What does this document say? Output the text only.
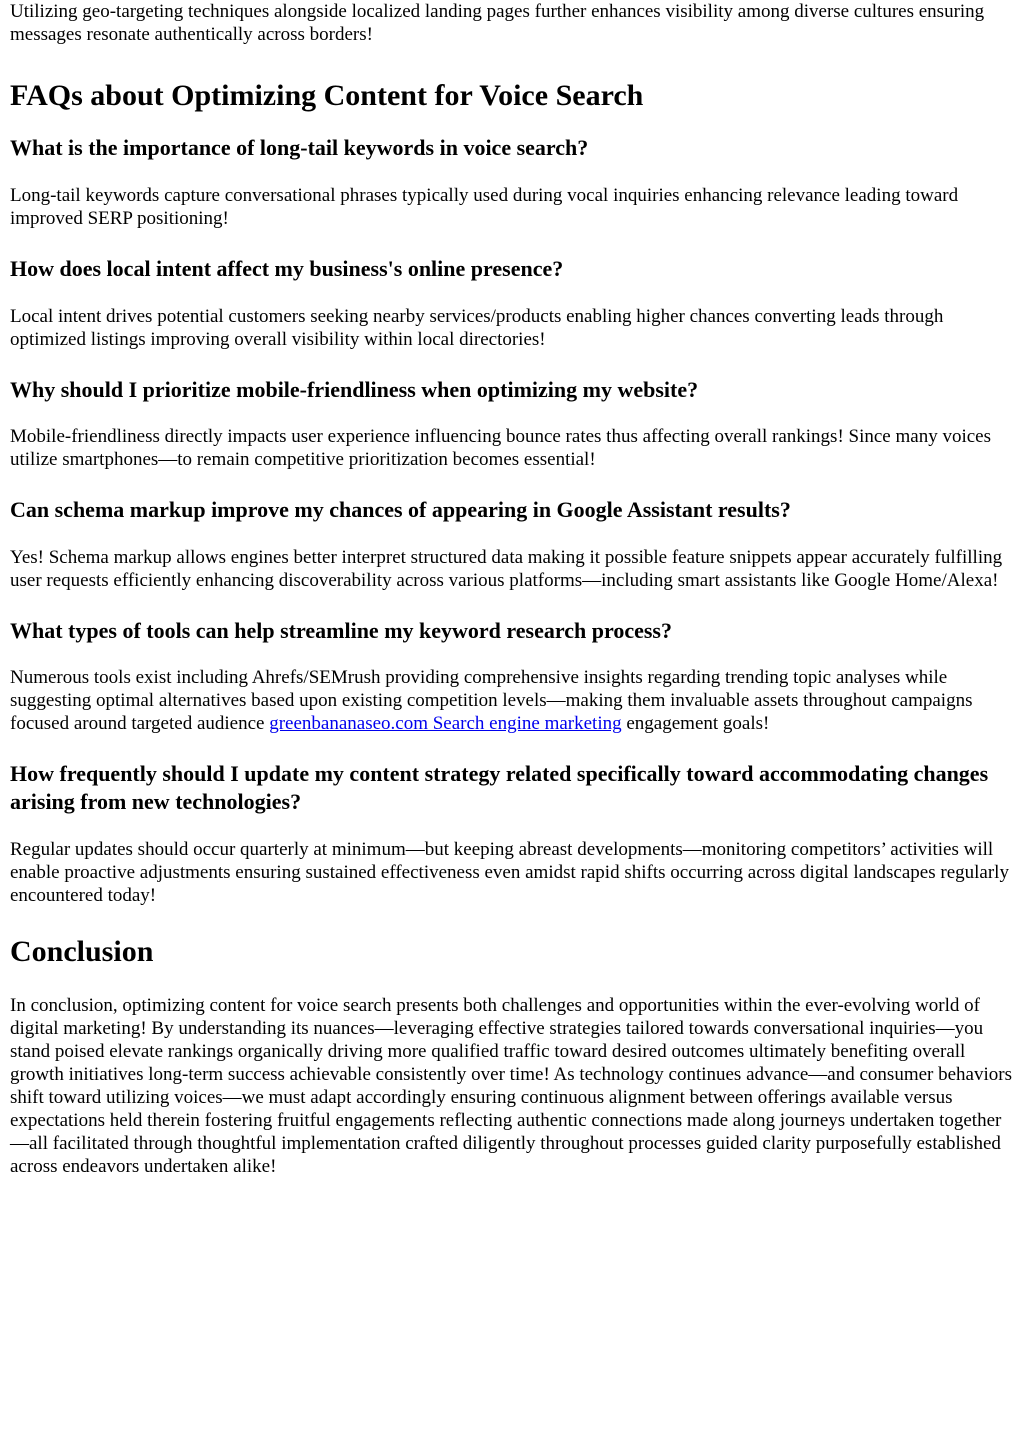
Utilizing geo-targeting techniques alongside localized landing pages further enhances visibility among diverse cultures ensuring messages resonate authentically across borders!

FAQs about Optimizing Content for Voice Search
What is the importance of long-tail keywords in voice search?

Long-tail keywords capture conversational phrases typically used during vocal inquiries enhancing relevance leading toward improved SERP positioning!

How does local intent affect my business's online presence?

Local intent drives potential customers seeking nearby services/products enabling higher chances converting leads through optimized listings improving overall visibility within local directories!

Why should I prioritize mobile-friendliness when optimizing my website?

Mobile-friendliness directly impacts user experience influencing bounce rates thus affecting overall rankings! Since many voices utilize smartphones—to remain competitive prioritization becomes essential!

Can schema markup improve my chances of appearing in Google Assistant results?

Yes! Schema markup allows engines better interpret structured data making it possible feature snippets appear accurately fulfilling user requests efficiently enhancing discoverability across various platforms—including smart assistants like Google Home/Alexa!

What types of tools can help streamline my keyword research process?

Numerous tools exist including Ahrefs/SEMrush providing comprehensive insights regarding trending topic analyses while suggesting optimal alternatives based upon existing competition levels—making them invaluable assets throughout campaigns focused around targeted audience greenbananaseo.com Search engine marketing engagement goals!

How frequently should I update my content strategy related specifically toward accommodating changes arising from new technologies?

Regular updates should occur quarterly at minimum—but keeping abreast developments—monitoring competitors’ activities will enable proactive adjustments ensuring sustained effectiveness even amidst rapid shifts occurring across digital landscapes regularly encountered today!

Conclusion

In conclusion, optimizing content for voice search presents both challenges and opportunities within the ever-evolving world of digital marketing! By understanding its nuances—leveraging effective strategies tailored towards conversational inquiries—you stand poised elevate rankings organically driving more qualified traffic toward desired outcomes ultimately benefiting overall growth initiatives long-term success achievable consistently over time! As technology continues advance—and consumer behaviors shift toward utilizing voices—we must adapt accordingly ensuring continuous alignment between offerings available versus expectations held therein fostering fruitful engagements reflecting authentic connections made along journeys undertaken together—all facilitated through thoughtful implementation crafted diligently throughout processes guided clarity purposefully established across endeavors undertaken alike!
